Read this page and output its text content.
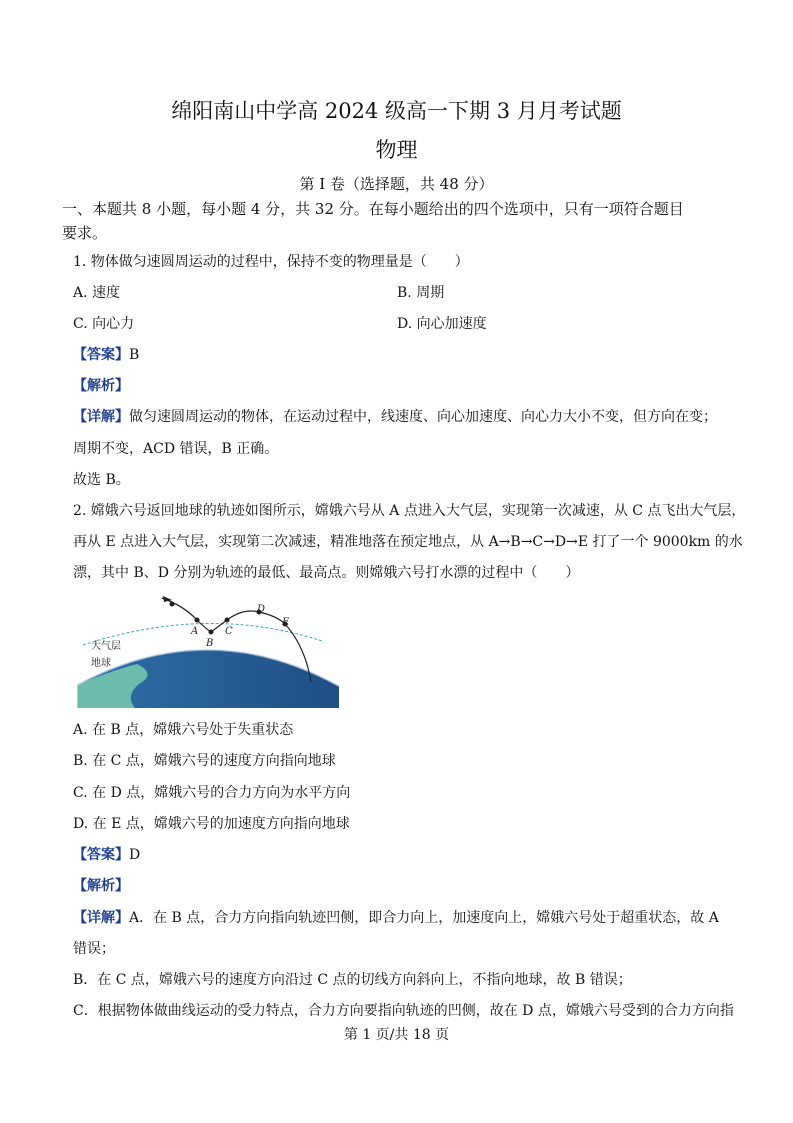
绵阳南山中学高 2024 级高一下期 3 月月考试题
物理
第 I 卷（选择题，共 48 分）
一、本题共 8 小题，每小题 4 分，共 32 分。在每小题给出的四个选项中，只有一项符合题目
要求。
1. 物体做匀速圆周运动的过程中，保持不变的物理量是（　　）
A. 速度	B. 周期
C. 向心力	D. 向心加速度
【答案】B
【解析】
【详解】做匀速圆周运动的物体，在运动过程中，线速度、向心加速度、向心力大小不变，但方向在变；
周期不变，ACD 错误，B 正确。
故选 B。
2. 嫦娥六号返回地球的轨迹如图所示，嫦娥六号从 A 点进入大气层，实现第一次减速，从 C 点飞出大气层，
再从 E 点进入大气层，实现第二次减速，精准地落在预定地点，从 A→B→C→D→E 打了一个 9000km 的水
漂，其中 B、D 分别为轨迹的最低、最高点。则嫦娥六号打水漂的过程中（　　）
A
B
C
D
E
大气层
地球
A. 在 B 点，嫦娥六号处于失重状态
B. 在 C 点，嫦娥六号的速度方向指向地球
C. 在 D 点，嫦娥六号的合力方向为水平方向
D. 在 E 点，嫦娥六号的加速度方向指向地球
【答案】D
【解析】
【详解】A．在 B 点，合力方向指向轨迹凹侧，即合力向上，加速度向上，嫦娥六号处于超重状态，故 A
错误；
B．在 C 点，嫦娥六号的速度方向沿过 C 点的切线方向斜向上，不指向地球，故 B 错误；
C．根据物体做曲线运动的受力特点，合力方向要指向轨迹的凹侧，故在 D 点，嫦娥六号受到的合力方向指
第 1 页/共 18 页
